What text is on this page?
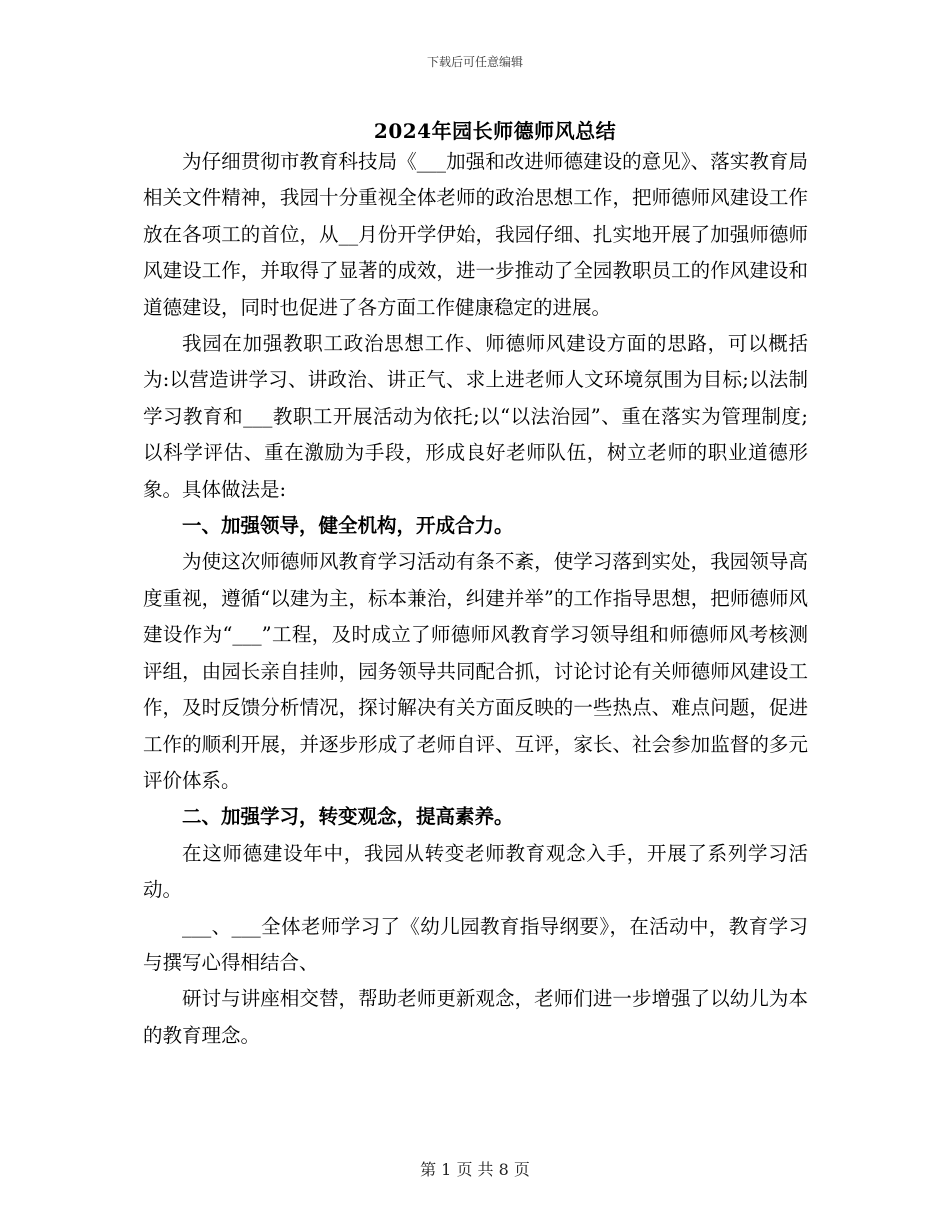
下载后可任意编辑
2024年园长师德师风总结

为仔细贯彻市教育科技局《___加强和改进师德建设的意见》、落实教育局相关文件精神，我园十分重视全体老师的政治思想工作，把师德师风建设工作放在各项工的首位，从__月份开学伊始，我园仔细、扎实地开展了加强师德师风建设工作，并取得了显著的成效，进一步推动了全园教职员工的作风建设和道德建设，同时也促进了各方面工作健康稳定的进展。

我园在加强教职工政治思想工作、师德师风建设方面的思路，可以概括为:以营造讲学习、讲政治、讲正气、求上进老师人文环境氛围为目标;以法制学习教育和___教职工开展活动为依托;以“以法治园”、重在落实为管理制度;以科学评估、重在激励为手段，形成良好老师队伍，树立老师的职业道德形象。具体做法是:

一、加强领导，健全机构，开成合力。

为使这次师德师风教育学习活动有条不紊，使学习落到实处，我园领导高度重视，遵循“以建为主，标本兼治，纠建并举”的工作指导思想，把师德师风建设作为“___”工程，及时成立了师德师风教育学习领导组和师德师风考核测评组，由园长亲自挂帅，园务领导共同配合抓，讨论讨论有关师德师风建设工作，及时反馈分析情况，探讨解决有关方面反映的一些热点、难点问题，促进工作的顺利开展，并逐步形成了老师自评、互评，家长、社会参加监督的多元评价体系。

二、加强学习，转变观念，提高素养。

在这师德建设年中，我园从转变老师教育观念入手，开展了系列学习活动。

___、___全体老师学习了《幼儿园教育指导纲要》，在活动中，教育学习与撰写心得相结合、

研讨与讲座相交替，帮助老师更新观念，老师们进一步增强了以幼儿为本的教育理念。

第 1 页 共 8 页
